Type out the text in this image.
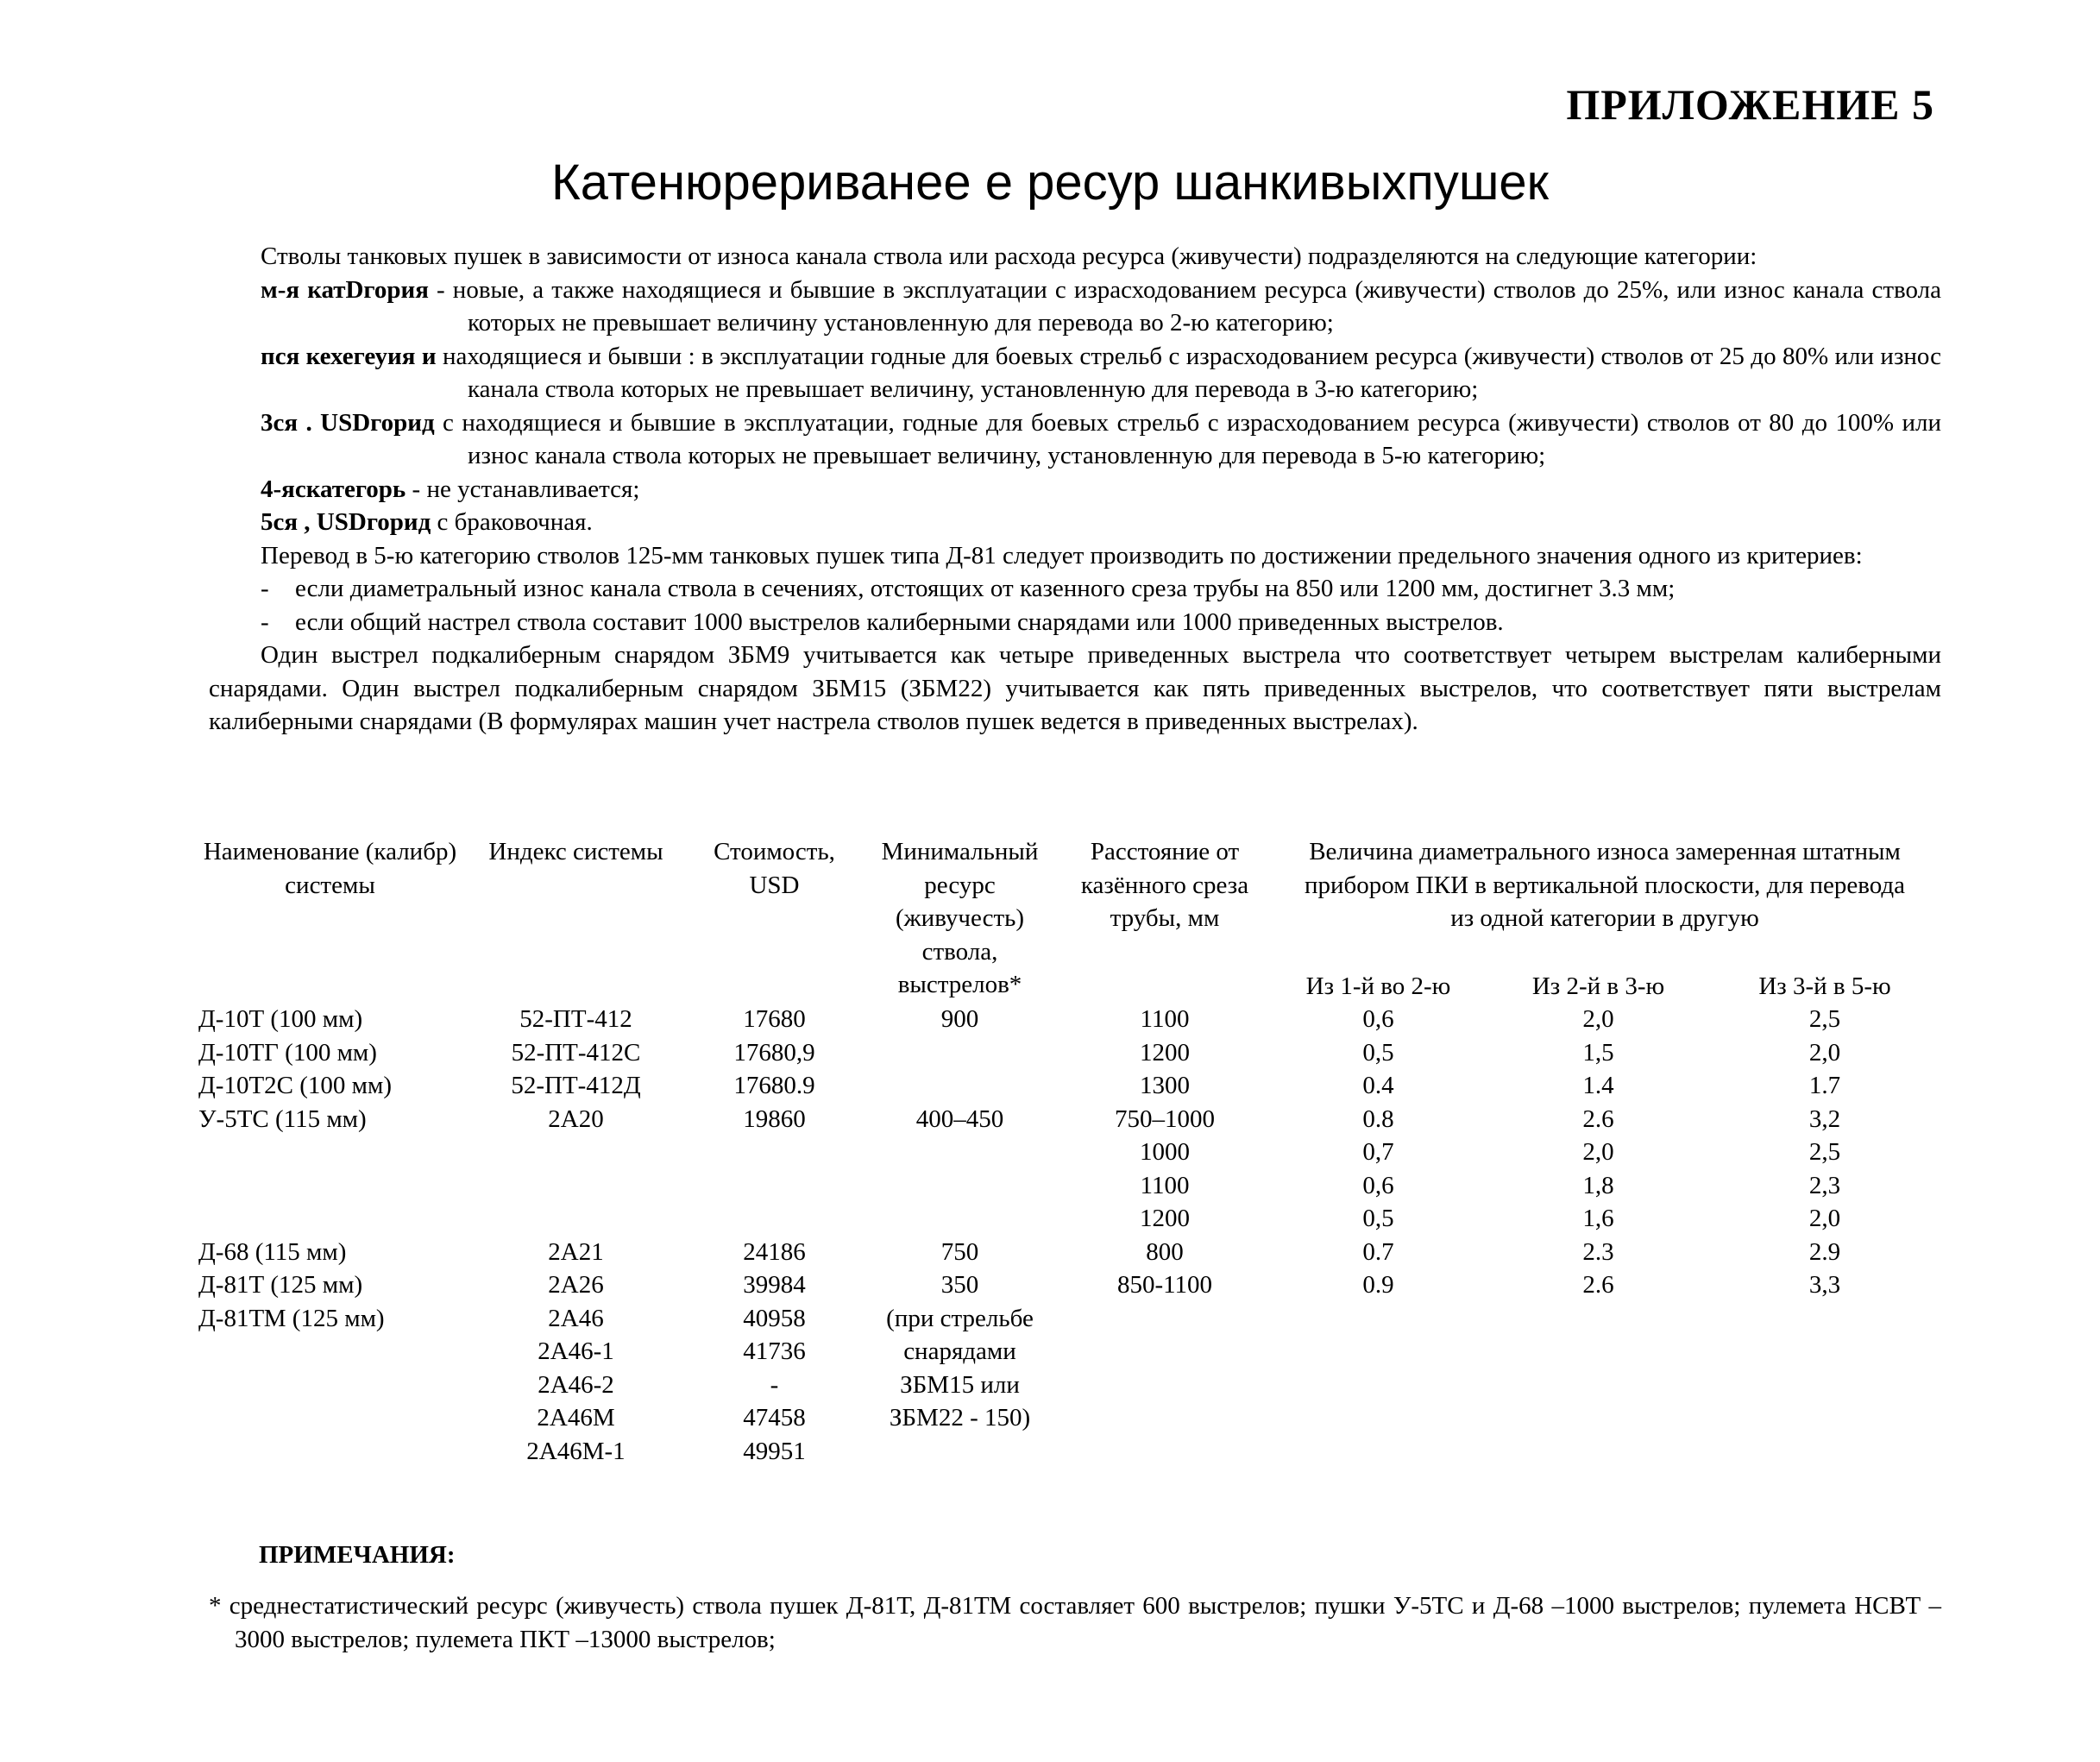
ПРИЛОЖЕНИЕ 5
Катенюрериванее е ресур шанкивыхпушек

Стволы танковых пушек в зависимости от износа канала ствола или расхода ресурса (живучести) подразделяются на следующие категории:

м-я катDгория - новые, а также находящиеся и бывшие в эксплуатации с израсходованием ресурса (живучести) стволов до 25%, или износ канала ствола которых не превышает величину установленную для перевода во 2-ю категорию;

пся кехегеуия и находящиеся и бывши : в эксплуатации годные для боевых стрельб с израсходованием ресурса (живучести) стволов от 25 до 80% или износ канала ствола которых не превышает величину, установленную для перевода в 3-ю категорию;

3ся . USDгорид с находящиеся и бывшие в эксплуатации, годные для боевых стрельб с израсходованием ресурса (живучести) стволов от 80 до 100% или износ канала ствола которых не превышает величину, установленную для перевода в 5-ю категорию;

4-яскатегорь - не устанавливается;

5ся , USDгорид с браковочная.

Перевод в 5-ю категорию стволов 125-мм танковых пушек типа Д-81 следует производить по достижении предельного значения одного из критериев:

-	если диаметральный износ канала ствола в сечениях, отстоящих от казенного среза трубы на 850 или 1200 мм, достигнет 3.3 мм;
-	если общий настрел ствола составит 1000 выстрелов калиберными снарядами или 1000 приведенных выстрелов.

Один выстрел подкалиберным снарядом ЗБМ9 учитывается как четыре приведенных выстрела что соответствует четырем выстрелам калиберными снарядами. Один выстрел подкалиберным снарядом ЗБМ15 (ЗБМ22) учитывается как пять приведенных выстрелов, что соответствует пяти выстрелам калиберными снарядами (В формулярах машин учет настрела стволов пушек ведется в приведенных выстрелах).

Наименование (калибр) системы	Индекс системы	Стоимость, USD	Минимальный ресурс (живучесть) ствола, выстрелов*	Расстояние от казённого среза трубы, мм	Величина диаметрального износа замеренная штатным прибором ПКИ в вертикальной плоскости, для перевода из одной категории в другую		
					Из 1-й во 2-ю	Из 2-й в 3-ю	Из 3-й в 5-ю
Д-10Т (100 мм)	52-ПТ-412	17680	900	1100	0,6	2,0	2,5
Д-10ТГ (100 мм)	52-ПТ-412С	17680,9		1200	0,5	1,5	2,0
Д-10Т2С (100 мм)	52-ПТ-412Д	17680.9		1300	0.4	1.4	1.7
У-5ТС (115 мм)	2А20	19860	400–450	750–1000	0.8	2.6	3,2
				1000	0,7	2,0	2,5
				1100	0,6	1,8	2,3
				1200	0,5	1,6	2,0
Д-68 (115 мм)	2А21	24186	750	800	0.7	2.3	2.9
Д-81Т (125 мм)	2А26	39984	350	850-1100	0.9	2.6	3,3
Д-81ТМ (125 мм)	2А46	40958	(при стрельбе				
	2А46-1	41736	снарядами				
	2А46-2	-	ЗБМ15 или				
	2А46М	47458	ЗБМ22 - 150)				
	2А46М-1	49951					
ПРИМЕЧАНИЯ:

* среднестатистический ресурс (живучесть) ствола пушек Д-81Т, Д-81ТМ составляет 600 выстрелов; пушки У-5ТС и Д-68 –1000 выстрелов; пулемета НСВТ –3000 выстрелов; пулемета ПКТ –13000 выстрелов;
